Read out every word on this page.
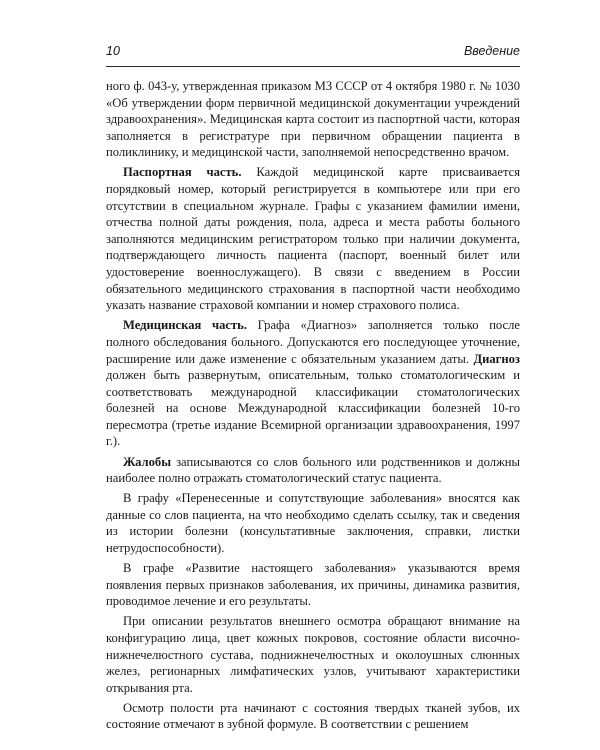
10	Введение

ного ф. 043-у, утвержденная приказом МЗ СССР от 4 октября 1980 г. № 1030 «Об утверждении форм первичной медицинской документации учреждений здравоохранения». Медицинская карта состоит из паспортной части, которая заполняется в регистратуре при первичном обращении пациента в поликлинику, и медицинской части, заполняемой непосредственно врачом.

Паспортная часть. Каждой медицинской карте присваивается порядковый номер, который регистрируется в компьютере или при его отсутствии в специальном журнале. Графы с указанием фамилии имени, отчества полной даты рождения, пола, адреса и места работы больного заполняются медицинским регистратором только при наличии документа, подтверждающего личность пациента (паспорт, военный билет или удостоверение военнослужащего). В связи с введением в России обязательного медицинского страхования в паспортной части необходимо указать название страховой компании и номер страхового полиса.

Медицинская часть. Графа «Диагноз» заполняется только после полного обследования больного. Допускаются его последующее уточнение, расширение или даже изменение с обязательным указанием даты. Диагноз должен быть развернутым, описательным, только стоматологическим и соответствовать международной классификации стоматологических болезней на основе Международной классификации болезней 10-го пересмотра (третье издание Всемирной организации здравоохранения, 1997 г.).

Жалобы записываются со слов больного или родственников и должны наиболее полно отражать стоматологический статус пациента.

В графу «Перенесенные и сопутствующие заболевания» вносятся как данные со слов пациента, на что необходимо сделать ссылку, так и сведения из истории болезни (консультативные заключения, справки, листки нетрудоспособности).

В графе «Развитие настоящего заболевания» указываются время появления первых признаков заболевания, их причины, динамика развития, проводимое лечение и его результаты.

При описании результатов внешнего осмотра обращают внимание на конфигурацию лица, цвет кожных покровов, состояние области височно-нижнечелюстного сустава, поднижнечелюстных и околоушных слюнных желез, регионарных лимфатических узлов, учитывают характеристики открывания рта.

Осмотр полости рта начинают с состояния твердых тканей зубов, их состояние отмечают в зубной формуле. В соответствии с решением
